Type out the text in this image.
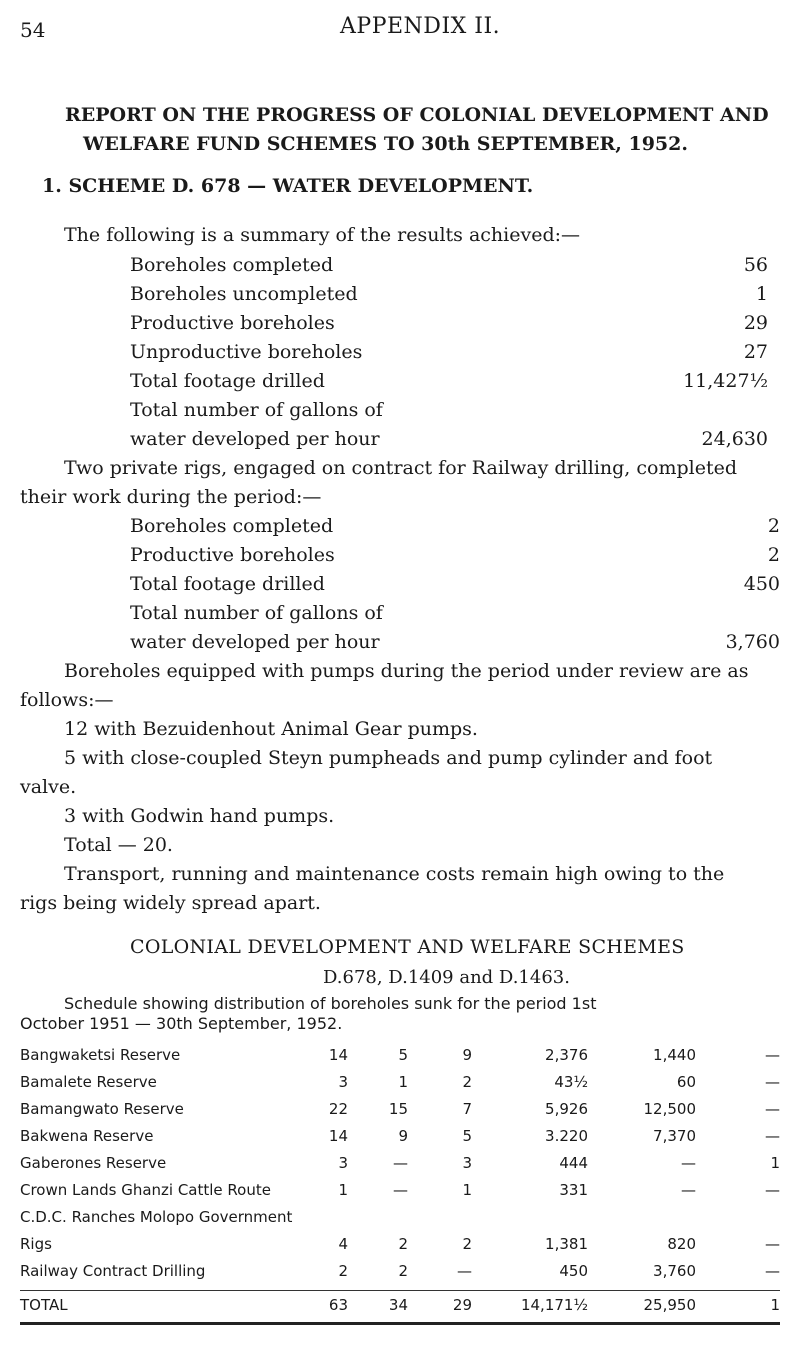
54	APPENDIX II.
REPORT ON THE PROGRESS OF COLONIAL DEVELOPMENT AND
WELFARE FUND SCHEMES TO 30th SEPTEMBER, 1952.
1. SCHEME D. 678 — WATER DEVELOPMENT.
The following is a summary of the results achieved:—
Boreholes completed	56
Boreholes uncompleted	1
Productive boreholes	29
Unproductive boreholes	27
Total footage drilled	11,427½
Total number of gallons of
water developed per hour	24,630
Two private rigs, engaged on contract for Railway drilling, completed
their work during the period:—
Boreholes completed	2
Productive boreholes	2
Total footage drilled	450
Total number of gallons of
water developed per hour	3,760
Boreholes equipped with pumps during the period under review are as
follows:—
12 with Bezuidenhout Animal Gear pumps.
5 with close-coupled Steyn pumpheads and pump cylinder and foot
valve.
3 with Godwin hand pumps.
Total — 20.
Transport, running and maintenance costs remain high owing to the
rigs being widely spread apart.
COLONIAL DEVELOPMENT AND WELFARE SCHEMES
D.678, D.1409 and D.1463.
Schedule showing distribution of boreholes sunk for the period 1st
October 1951 — 30th September, 1952.
Bangwaketsi Reserve	14	5	9	2,376	1,440	—
Bamalete Reserve	3	1	2	43½	60	—
Bamangwato Reserve	22	15	7	5,926	12,500	—
Bakwena Reserve	14	9	5	3.220	7,370	—
Gaberones Reserve	3	—	3	444	—	1
Crown Lands Ghanzi Cattle Route	1	—	1	331	—	—
C.D.C. Ranches Molopo Government						
Rigs	4	2	2	1,381	820	—
Railway Contract Drilling	2	2	—	450	3,760	—
TOTAL	63	34	29	14,171½	25,950	1
